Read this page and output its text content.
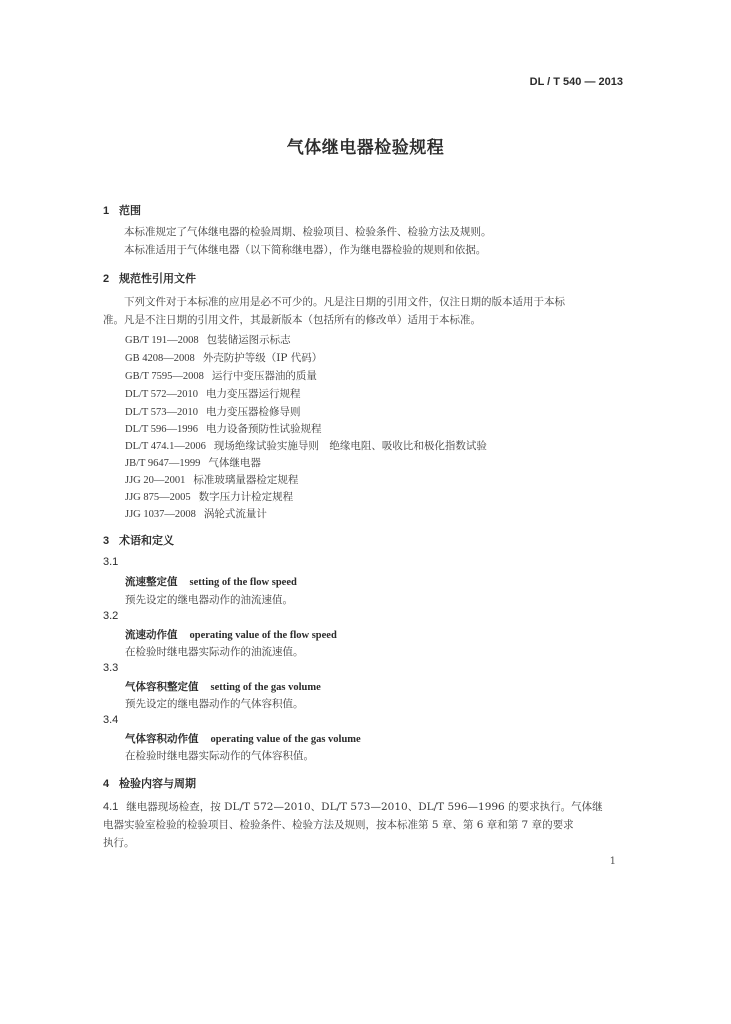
DL / T 540 — 2013
气体继电器检验规程
1 范围
本标准规定了气体继电器的检验周期、检验项目、检验条件、检验方法及规则。
本标准适用于气体继电器（以下简称继电器），作为继电器检验的规则和依据。
2 规范性引用文件
下列文件对于本标准的应用是必不可少的。凡是注日期的引用文件，仅注日期的版本适用于本标
准。凡是不注日期的引用文件，其最新版本（包括所有的修改单）适用于本标准。
GB/T 191—2008 包装储运图示标志
GB 4208—2008 外壳防护等级（IP 代码）
GB/T 7595—2008 运行中变压器油的质量
DL/T 572—2010 电力变压器运行规程
DL/T 573—2010 电力变压器检修导则
DL/T 596—1996 电力设备预防性试验规程
DL/T 474.1—2006 现场绝缘试验实施导则　绝缘电阻、吸收比和极化指数试验
JB/T 9647—1999 气体继电器
JJG 20—2001 标准玻璃量器检定规程
JJG 875—2005 数字压力计检定规程
JJG 1037—2008 涡轮式流量计
3 术语和定义
3.1
流速整定值 setting of the flow speed
预先设定的继电器动作的油流速值。
3.2
流速动作值 operating value of the flow speed
在检验时继电器实际动作的油流速值。
3.3
气体容积整定值 setting of the gas volume
预先设定的继电器动作的气体容积值。
3.4
气体容积动作值 operating value of the gas volume
在检验时继电器实际动作的气体容积值。
4 检验内容与周期
4.1 继电器现场检查，按 DL/T 572—2010、DL/T 573—2010、DL/T 596—1996 的要求执行。气体继
电器实验室检验的检验项目、检验条件、检验方法及规则，按本标准第 5 章、第 6 章和第 7 章的要求
执行。
1
